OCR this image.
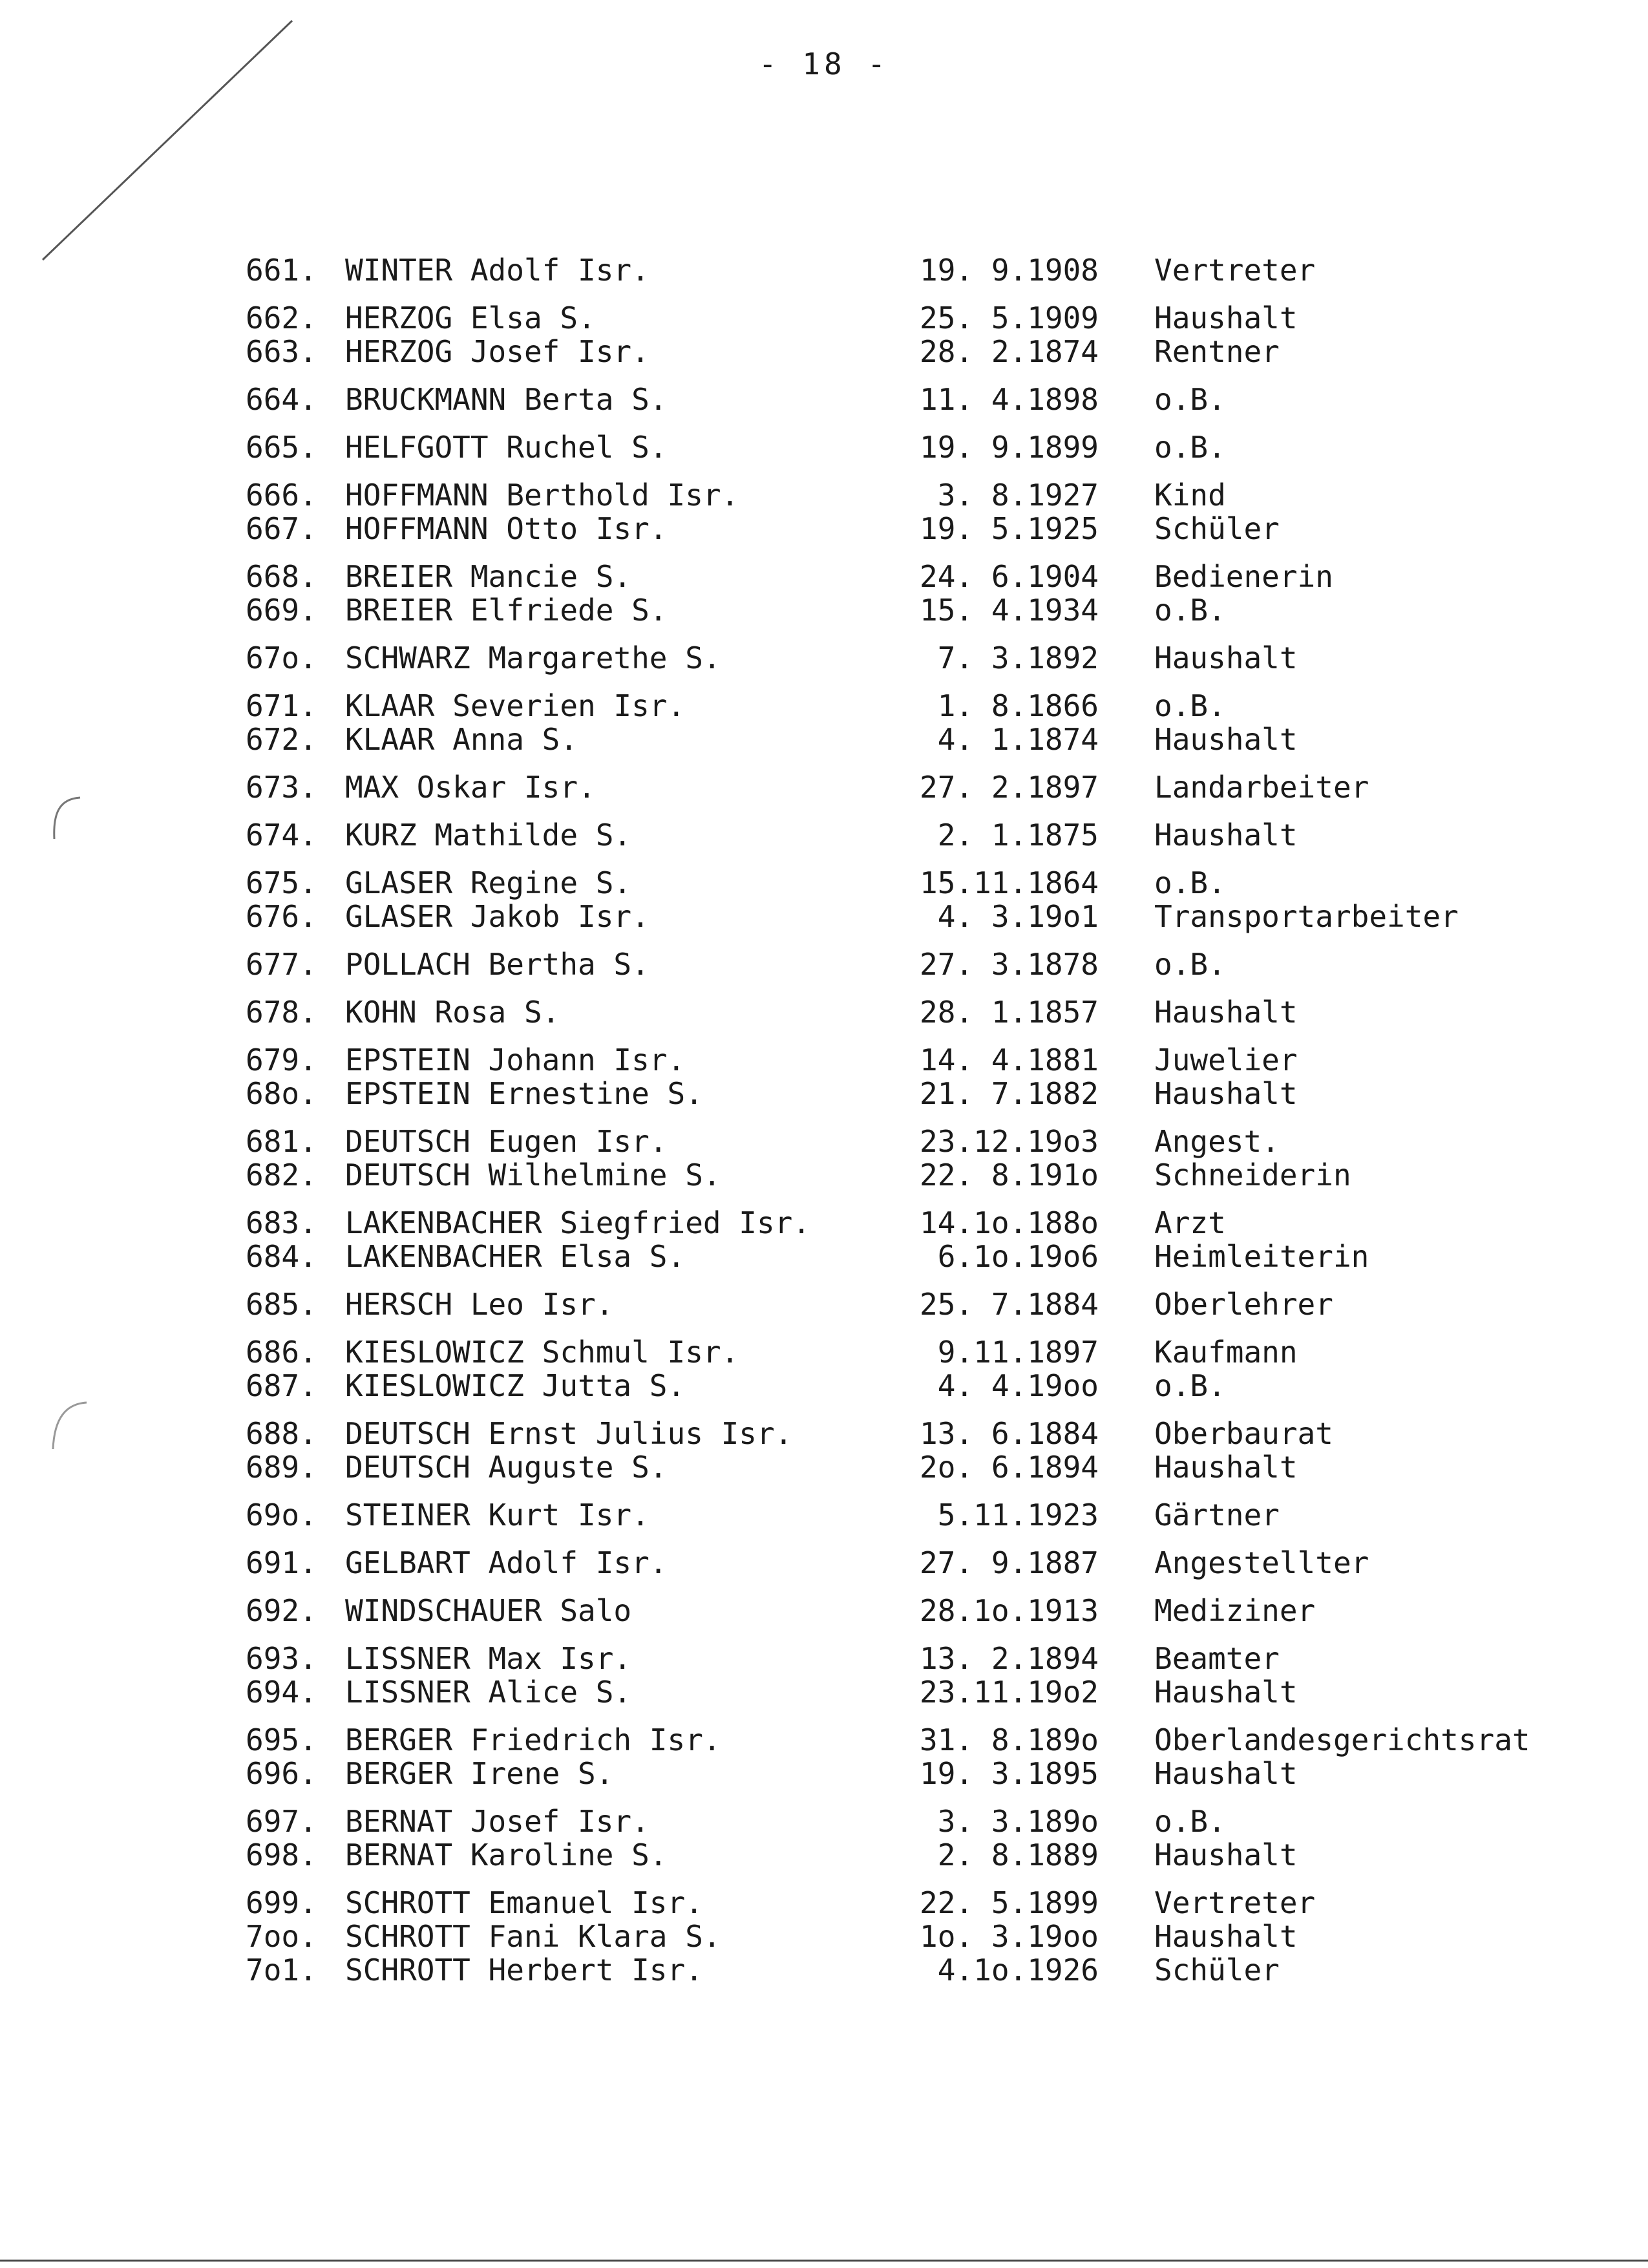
- 18 -
661. WINTER Adolf Isr.	19. 9.1908 Vertreter
662. HERZOG Elsa S.	25. 5.1909 Haushalt
663. HERZOG Josef Isr.	28. 2.1874 Rentner
664. BRUCKMANN Berta S.	11. 4.1898 o.B.
665. HELFGOTT Ruchel S.	19. 9.1899 o.B.
666. HOFFMANN Berthold Isr.	3. 8.1927 Kind
667. HOFFMANN Otto Isr.	19. 5.1925 Schüler
668. BREIER Mancie S.	24. 6.1904 Bedienerin
669. BREIER Elfriede S.	15. 4.1934 o.B.
67o. SCHWARZ Margarethe S.	7. 3.1892 Haushalt
671. KLAAR Severien Isr.	1. 8.1866 o.B.
672. KLAAR Anna S.	4. 1.1874 Haushalt
673. MAX Oskar Isr.	27. 2.1897 Landarbeiter
674. KURZ Mathilde S.	2. 1.1875 Haushalt
675. GLASER Regine S.	15.11.1864 o.B.
676. GLASER Jakob Isr.	4. 3.19o1 Transportarbeiter
677. POLLACH Bertha S.	27. 3.1878 o.B.
678. KOHN Rosa S.	28. 1.1857 Haushalt
679. EPSTEIN Johann Isr.	14. 4.1881 Juwelier
68o. EPSTEIN Ernestine S.	21. 7.1882 Haushalt
681. DEUTSCH Eugen Isr.	23.12.19o3 Angest.
682. DEUTSCH Wilhelmine S.	22. 8.191o Schneiderin
683. LAKENBACHER Siegfried Isr.	14.1o.188o Arzt
684. LAKENBACHER Elsa S.	6.1o.19o6 Heimleiterin
685. HERSCH Leo Isr.	25. 7.1884 Oberlehrer
686. KIESLOWICZ Schmul Isr.	9.11.1897 Kaufmann
687. KIESLOWICZ Jutta S.	4. 4.19oo o.B.
688. DEUTSCH Ernst Julius Isr.	13. 6.1884 Oberbaurat
689. DEUTSCH Auguste S.	2o. 6.1894 Haushalt
69o. STEINER Kurt Isr.	5.11.1923 Gärtner
691. GELBART Adolf Isr.	27. 9.1887 Angestellter
692. WINDSCHAUER Salo	28.1o.1913 Mediziner
693. LISSNER Max Isr.	13. 2.1894 Beamter
694. LISSNER Alice S.	23.11.19o2 Haushalt
695. BERGER Friedrich Isr.	31. 8.189o Oberlandesgerichtsrat
696. BERGER Irene S.	19. 3.1895 Haushalt
697. BERNAT Josef Isr.	3. 3.189o o.B.
698. BERNAT Karoline S.	2. 8.1889 Haushalt
699. SCHROTT Emanuel Isr.	22. 5.1899 Vertreter
7oo. SCHROTT Fani Klara S.	1o. 3.19oo Haushalt
7o1. SCHROTT Herbert Isr.	4.1o.1926 Schüler
